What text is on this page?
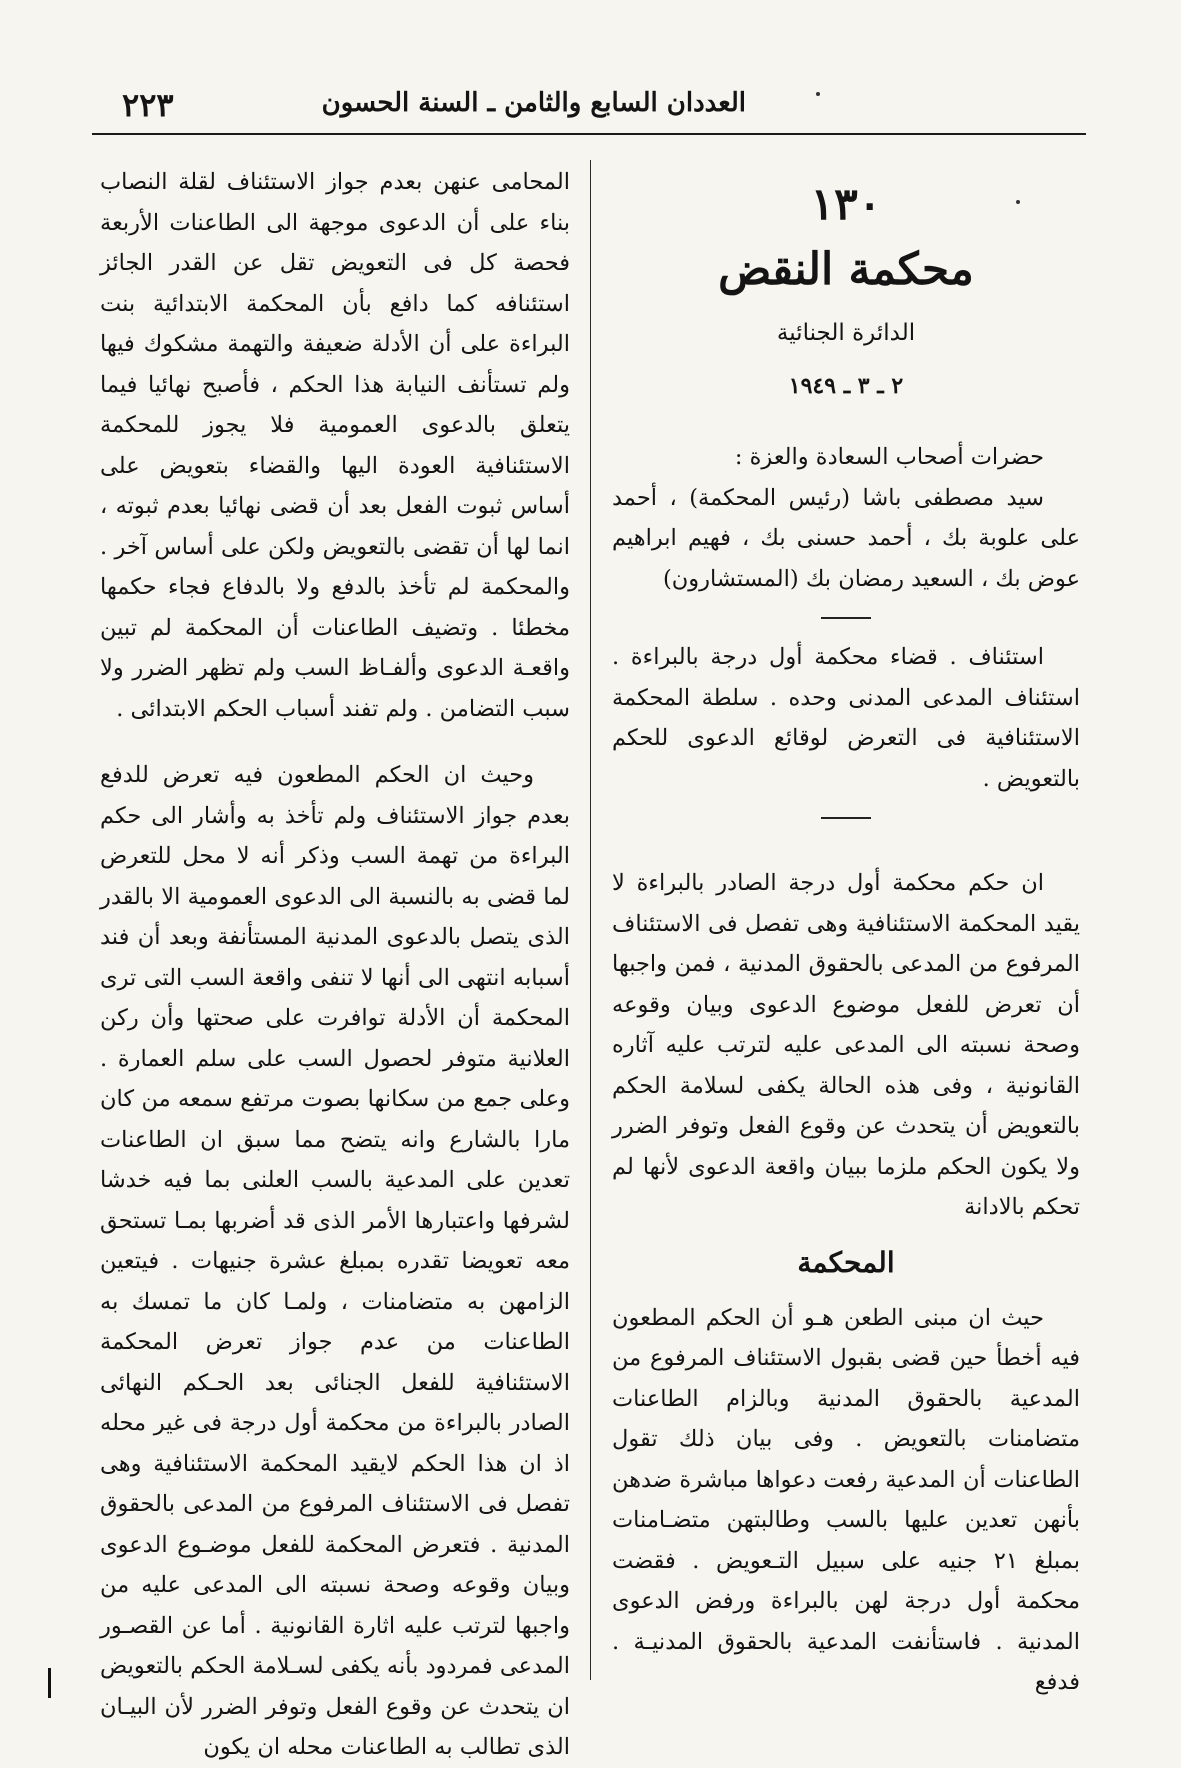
العددان السابع والثامن ـ السنة الحسون
٢٢٣
١٣٠
محكمة النقض
الدائرة الجنائية
٢ ـ ٣ ـ ١٩٤٩

حضرات أصحاب السعادة والعزة :

سيد مصطفى باشا (رئيس المحكمة) ، أحمد على علوبة بك ، أحمد حسنى بك ، فهيم ابراهيم عوض بك ، السعيد رمضان بك (المستشارون)

استئناف . قضاء محكمة أول درجة بالبراءة . استئناف المدعى المدنى وحده . سلطة المحكمة الاستئنافية فى التعرض لوقائع الدعوى للحكم بالتعويض .

ان حكم محكمة أول درجة الصادر بالبراءة لا يقيد المحكمة الاستئنافية وهى تفصل فى الاستئناف المرفوع من المدعى بالحقوق المدنية ، فمن واجبها أن تعرض للفعل موضوع الدعوى وبيان وقوعه وصحة نسبته الى المدعى عليه لترتب عليه آثاره القانونية ، وفى هذه الحالة يكفى لسلامة الحكم بالتعويض أن يتحدث عن وقوع الفعل وتوفر الضرر ولا يكون الحكم ملزما ببيان واقعة الدعوى لأنها لم تحكم بالادانة

المحكمة

حيث ان مبنى الطعن هـو أن الحكم المطعون فيه أخطأ حين قضى بقبول الاستئناف المرفوع من المدعية بالحقوق المدنية وبالزام الطاعنات متضامنات بالتعويض . وفى بيان ذلك تقول الطاعنات أن المدعية رفعت دعواها مباشرة ضدهن بأنهن تعدين عليها بالسب وطالبتهن متضـامنات بمبلغ ٢١ جنيه على سبيل التـعويض . فقضت محكمة أول درجة لهن بالبراءة ورفض الدعوى المدنية . فاستأنفت المدعية بالحقوق المدنيـة . فدفع

المحامى عنهن بعدم جواز الاستئناف لقلة النصاب بناء على أن الدعوى موجهة الى الطاعنات الأربعة فحصة كل فى التعويض تقل عن القدر الجائز استئنافه كما دافع بأن المحكمة الابتدائية بنت البراءة على أن الأدلة ضعيفة والتهمة مشكوك فيها ولم تستأنف النيابة هذا الحكم ، فأصبح نهائيا فيما يتعلق بالدعوى العمومية فلا يجوز للمحكمة الاستئنافية العودة اليها والقضاء بتعويض على أساس ثبوت الفعل بعد أن قضى نهائيا بعدم ثبوته ، انما لها أن تقضى بالتعويض ولكن على أساس آخر . والمحكمة لم تأخذ بالدفع ولا بالدفاع فجاء حكمها مخطئا . وتضيف الطاعنات أن المحكمة لم تبين واقعـة الدعوى وألفـاظ السب ولم تظهر الضرر ولا سبب التضامن . ولم تفند أسباب الحكم الابتدائى .

وحيث ان الحكم المطعون فيه تعرض للدفع بعدم جواز الاستئناف ولم تأخذ به وأشار الى حكم البراءة من تهمة السب وذكر أنه لا محل للتعرض لما قضى به بالنسبة الى الدعوى العمومية الا بالقدر الذى يتصل بالدعوى المدنية المستأنفة وبعد أن فند أسبابه انتهى الى أنها لا تنفى واقعة السب التى ترى المحكمة أن الأدلة توافرت على صحتها وأن ركن العلانية متوفر لحصول السب على سلم العمارة . وعلى جمع من سكانها بصوت مرتفع سمعه من كان مارا بالشارع وانه يتضح مما سبق ان الطاعنات تعدين على المدعية بالسب العلنى بما فيه خدشا لشرفها واعتبارها الأمر الذى قد أضربها بمـا تستحق معه تعويضا تقدره بمبلغ عشرة جنيهات . فيتعين الزامهن به متضامنات ، ولمـا كان ما تمسك به الطاعنات من عدم جواز تعرض المحكمة الاستئنافية للفعل الجنائى بعد الحـكم النهائى الصادر بالبراءة من محكمة أول درجة فى غير محله اذ ان هذا الحكم لايقيد المحكمة الاستئنافية وهى تفصل فى الاستئناف المرفوع من المدعى بالحقوق المدنية . فتعرض المحكمة للفعل موضـوع الدعوى وبيان وقوعه وصحة نسبته الى المدعى عليه من واجبها لترتب عليه اثارة القانونية . أما عن القصـور المدعى فمردود بأنه يكفى لسـلامة الحكم بالتعويض ان يتحدث عن وقوع الفعل وتوفر الضرر لأن البيـان الذى تطالب به الطاعنات محله ان يكون
